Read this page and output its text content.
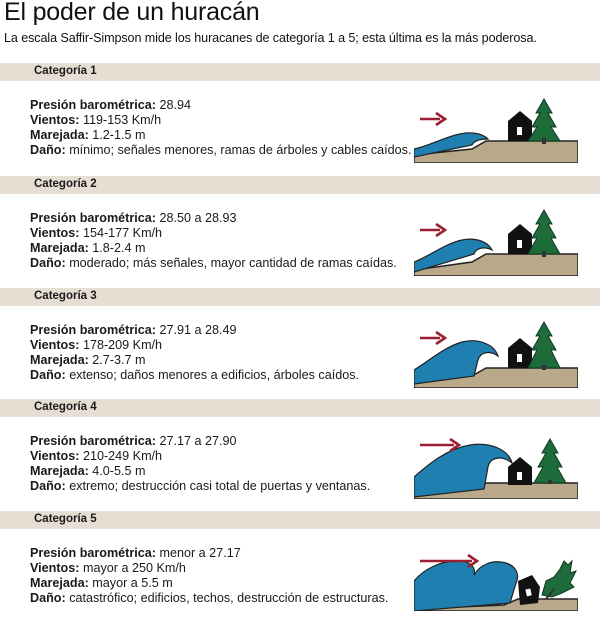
El poder de un huracán
La escala Saffir-Simpson mide los huracanes de categoría 1 a 5; esta última es la más poderosa.
Categoría 1
Presión barométrica: 28.94
Vientos: 119-153 Km/h
Marejada: 1.2-1.5 m
Daño: mínimo; señales menores, ramas de árboles y cables caídos.
Categoría 2
Presión barométrica: 28.50 a 28.93
Vientos: 154-177 Km/h
Marejada: 1.8-2.4 m
Daño: moderado; más señales, mayor cantidad de ramas caídas.
Categoría 3
Presión barométrica: 27.91 a 28.49
Vientos: 178-209 Km/h
Marejada: 2.7-3.7 m
Daño: extenso; daños menores a edificios, árboles caídos.
Categoría 4
Presión barométrica: 27.17 a 27.90
Vientos: 210-249 Km/h
Marejada: 4.0-5.5 m
Daño: extremo; destrucción casi total de puertas y ventanas.
Categoría 5
Presión barométrica: menor a 27.17
Vientos: mayor a 250 Km/h
Marejada: mayor a 5.5 m
Daño: catastrófico; edificios, techos, destrucción de estructuras.
